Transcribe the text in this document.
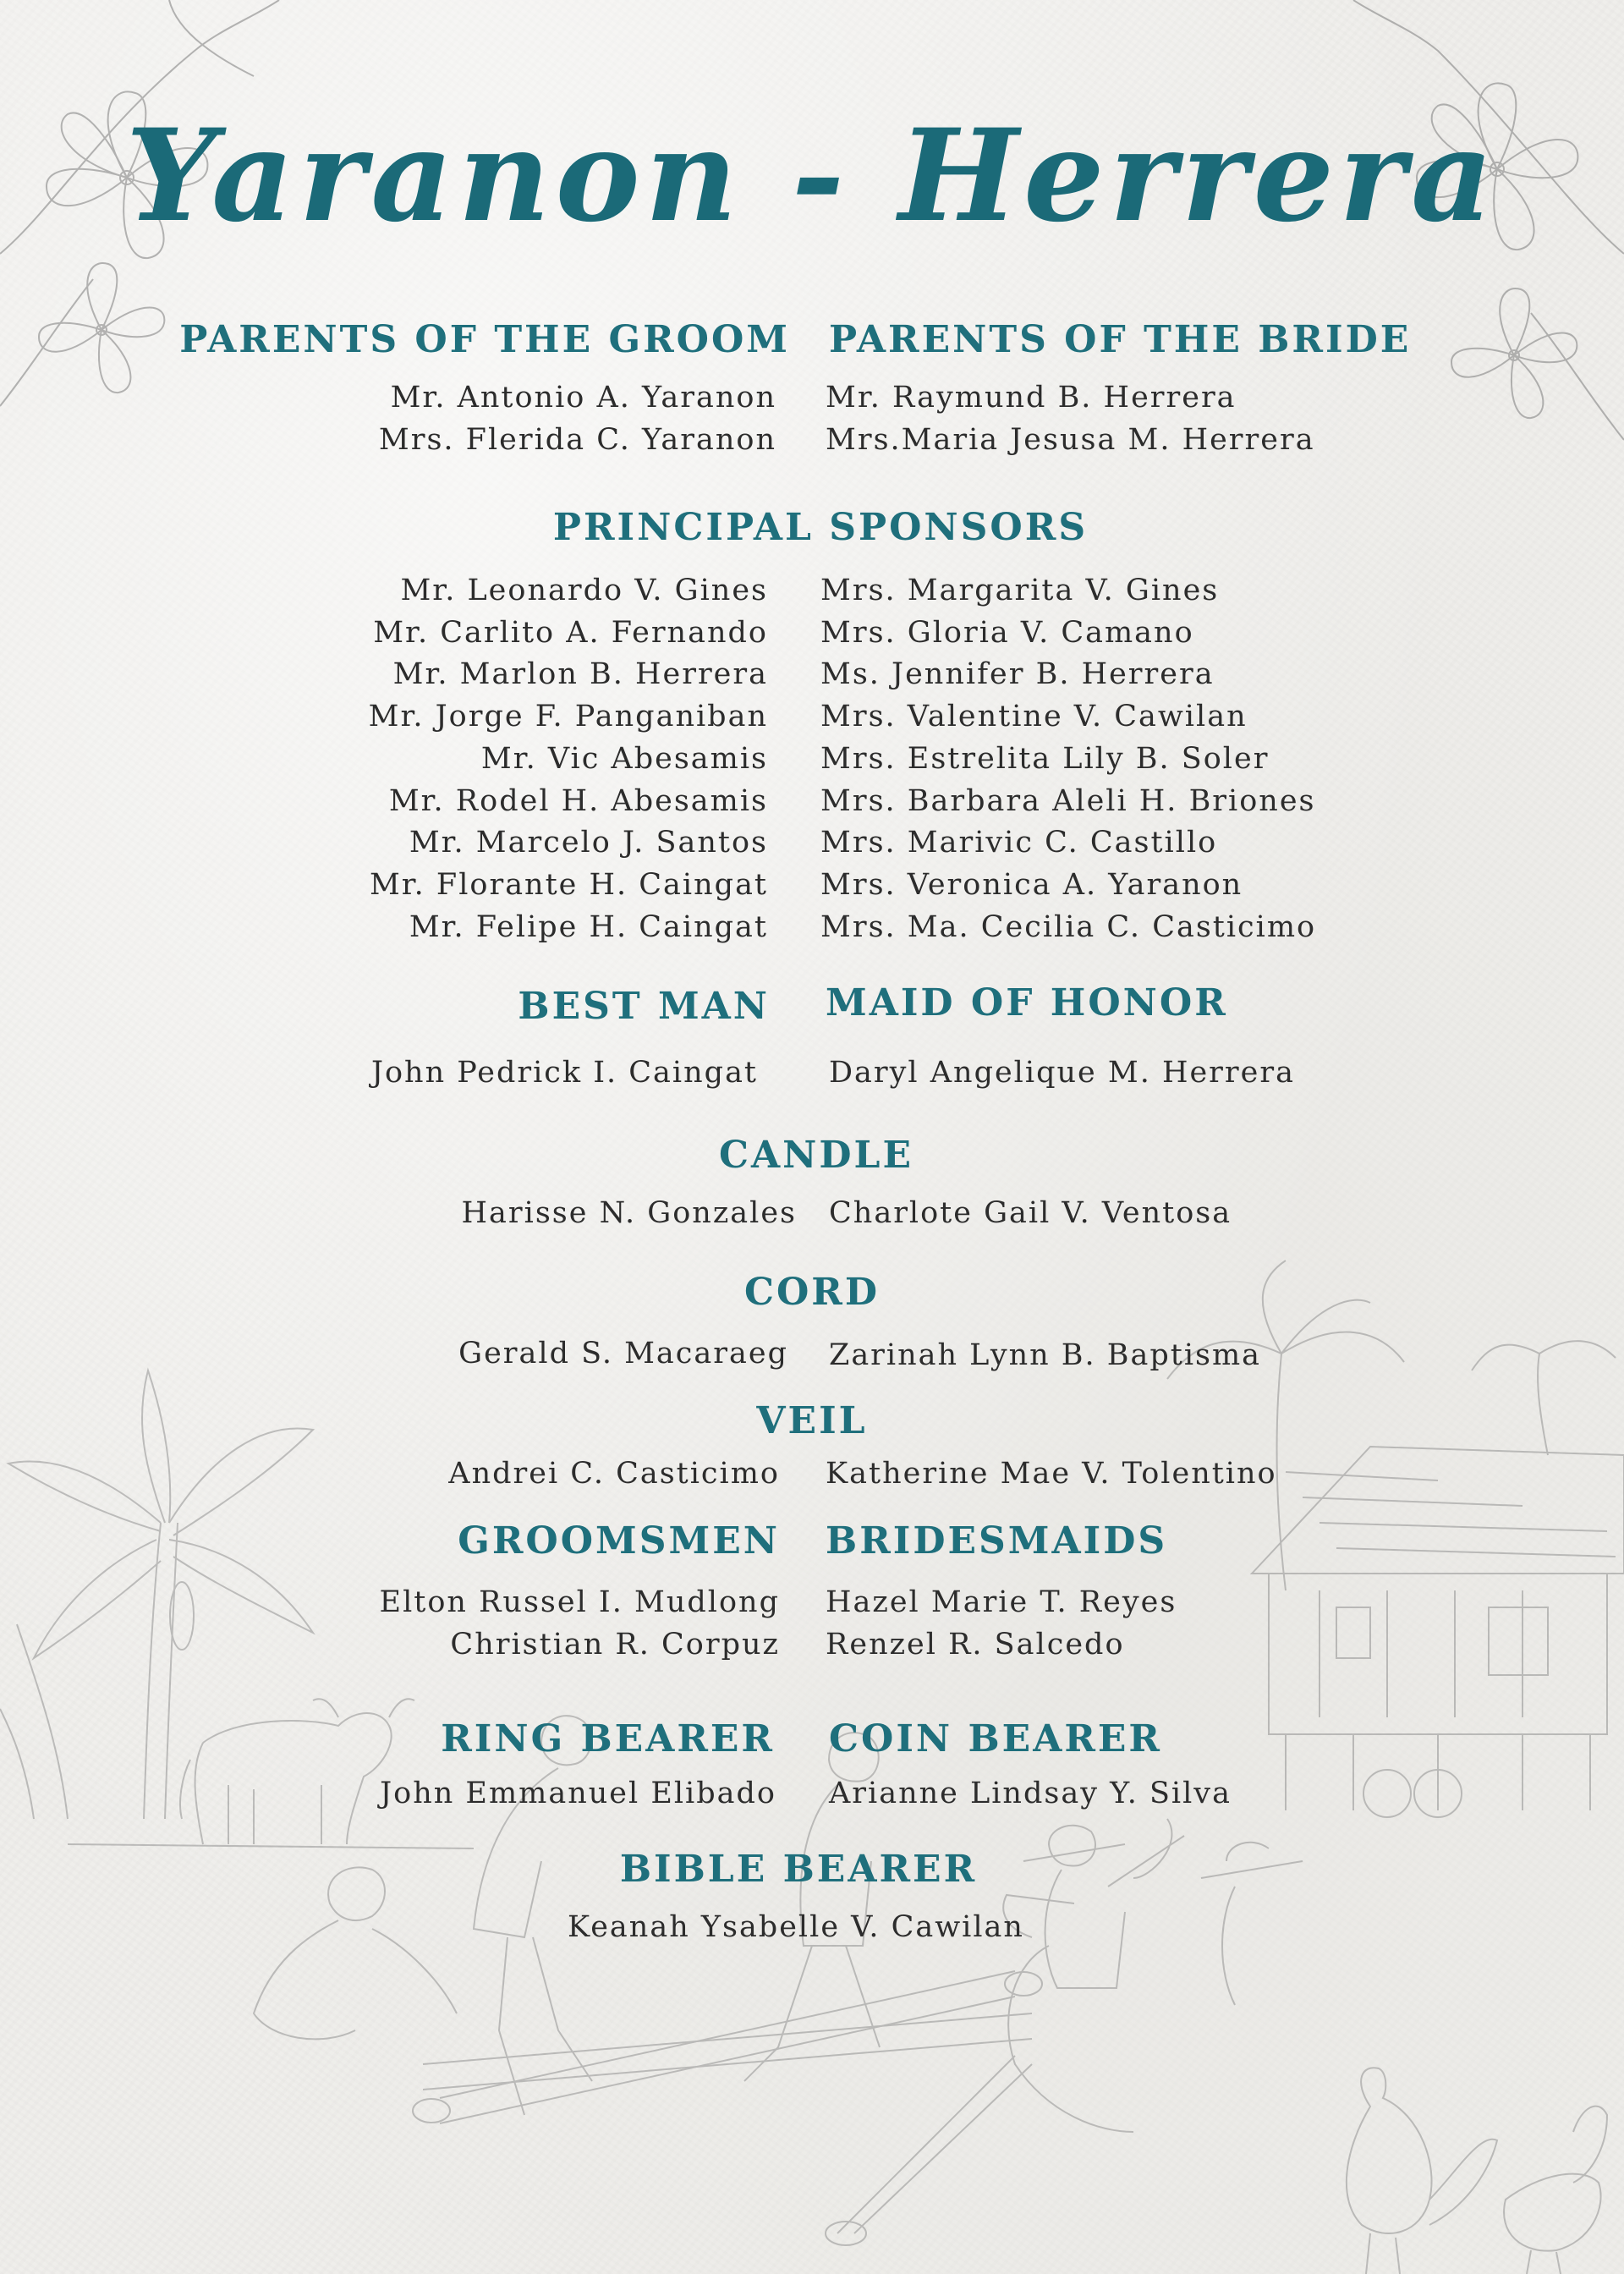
Yaranon - Herrera
PARENTS OF THE GROOM PARENTS OF THE BRIDE
Mr. Antonio A. Yaranon
Mrs. Flerida C. Yaranon
Mr. Raymund B. Herrera
Mrs.Maria Jesusa M. Herrera
PRINCIPAL SPONSORS
Mr. Leonardo V. Gines
Mr. Carlito A. Fernando
Mr. Marlon B. Herrera
Mr. Jorge F. Panganiban
Mr. Vic Abesamis
Mr. Rodel H. Abesamis
Mr. Marcelo J. Santos
Mr. Florante H. Caingat
Mr. Felipe H. Caingat
Mrs. Margarita V. Gines
Mrs. Gloria V. Camano
Ms. Jennifer B. Herrera
Mrs. Valentine V. Cawilan
Mrs. Estrelita Lily B. Soler
Mrs. Barbara Aleli H. Briones
Mrs. Marivic C. Castillo
Mrs. Veronica A. Yaranon
Mrs. Ma. Cecilia C. Casticimo
BEST MAN MAID OF HONOR
John Pedrick I. Caingat Daryl Angelique M. Herrera
CANDLE
Harisse N. Gonzales Charlote Gail V. Ventosa
CORD
Gerald S. Macaraeg Zarinah Lynn B. Baptisma
VEIL
Andrei C. Casticimo Katherine Mae V. Tolentino
GROOMSMEN BRIDESMAIDS
Elton Russel I. Mudlong
Christian R. Corpuz
Hazel Marie T. Reyes
Renzel R. Salcedo
RING BEARER COIN BEARER
John Emmanuel Elibado Arianne Lindsay Y. Silva
BIBLE BEARER
Keanah Ysabelle V. Cawilan
